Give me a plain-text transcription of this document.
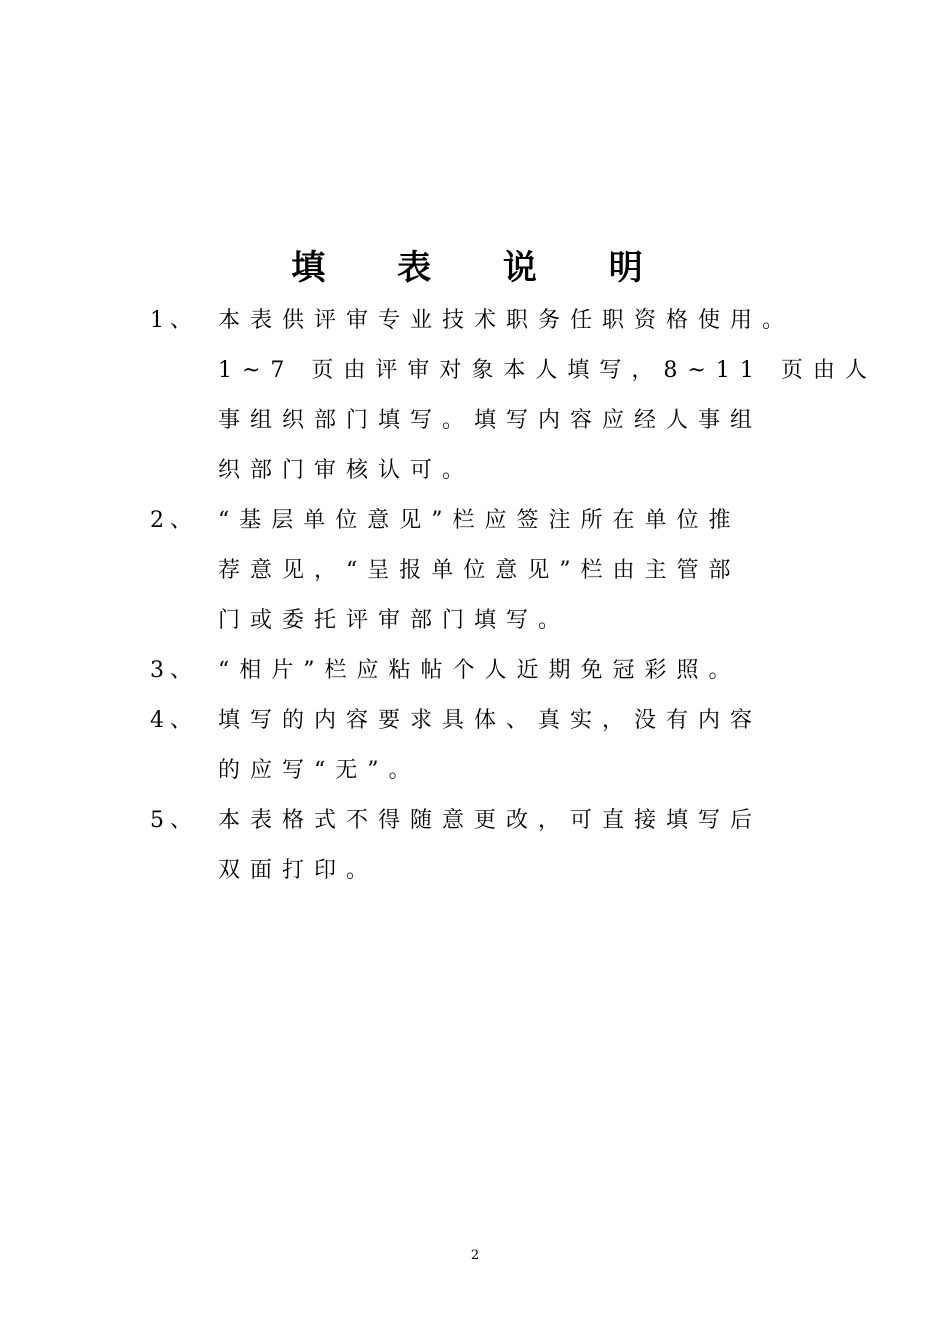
填 表 说 明
1、 本表供评审专业技术职务任职资格使用。
1~7 页由评审对象本人填写，8~11 页由人
事组织部门填写。填写内容应经人事组
织部门审核认可。
2、 “基层单位意见”栏应签注所在单位推
荐意见，“呈报单位意见”栏由主管部
门或委托评审部门填写。
3、 “相片”栏应粘帖个人近期免冠彩照。
4、 填写的内容要求具体、真实，没有内容
的应写“无”。
5、 本表格式不得随意更改，可直接填写后
双面打印。
2
